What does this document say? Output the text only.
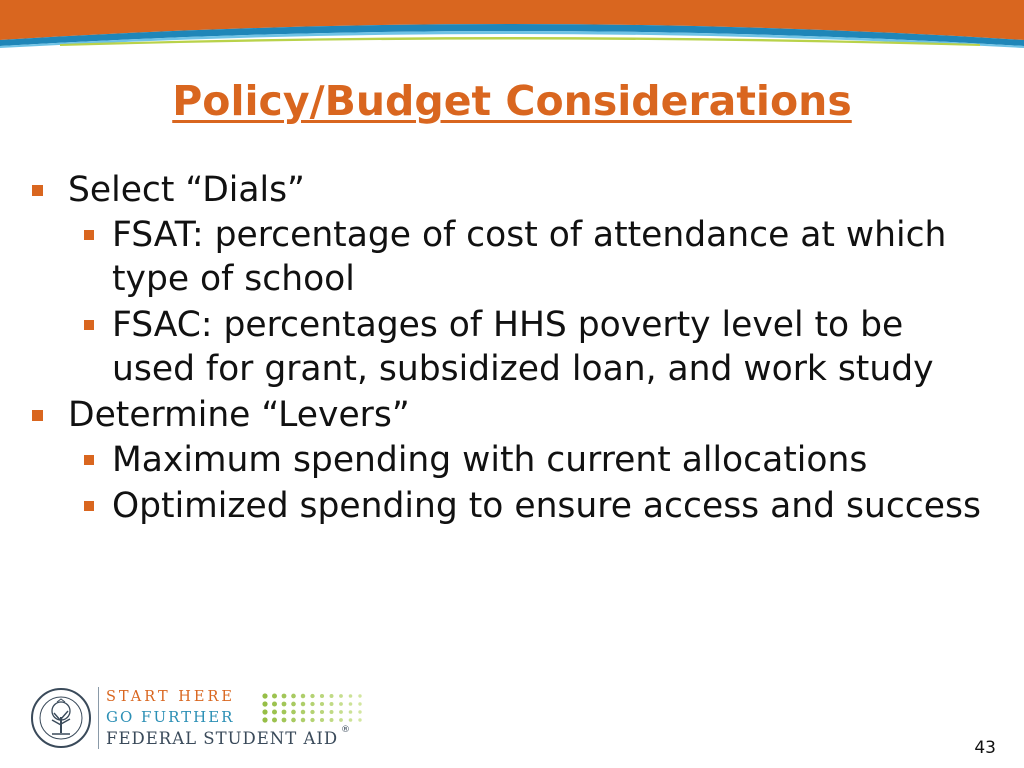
Policy/Budget Considerations
Select “Dials”
FSAT: percentage of cost of attendance at which type of school
FSAC: percentages of HHS poverty level to be used for grant, subsidized loan, and work study
Determine “Levers”
Maximum spending with current allocations
Optimized spending to ensure access and success
START HERE
GO FURTHER
FEDERAL STUDENT AID ®
43
